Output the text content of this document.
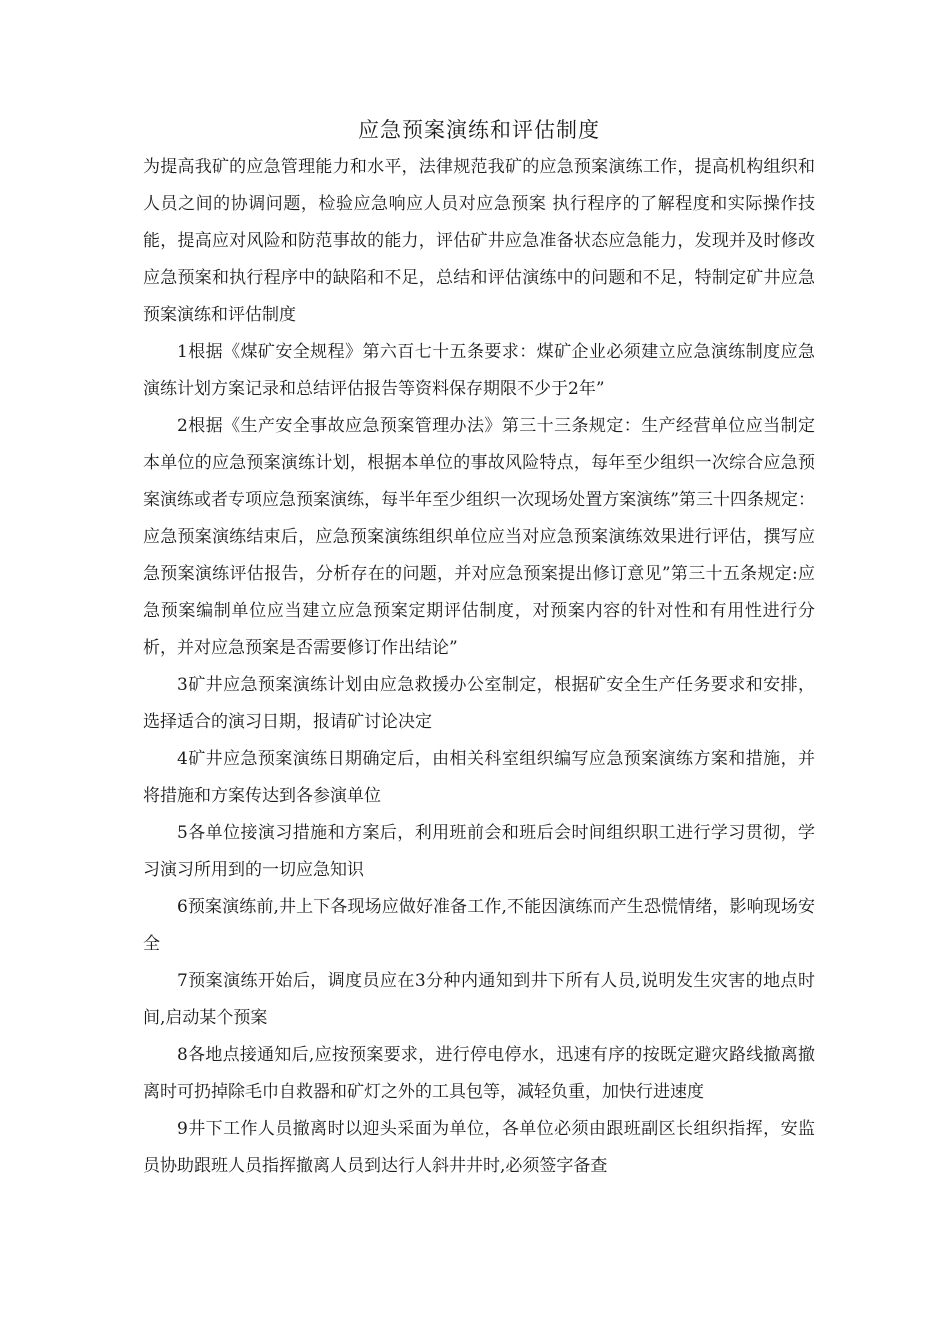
应急预案演练和评估制度

为提高我矿的应急管理能力和水平，法律规范我矿的应急预案演练工作，提高机构组织和人员之间的协调问题，检验应急响应人员对应急预案 执行程序的了解程度和实际操作技能，提高应对风险和防范事故的能力，评估矿井应急准备状态应急能力，发现并及时修改应急预案和执行程序中的缺陷和不足，总结和评估演练中的问题和不足，特制定矿井应急预案演练和评估制度

1根据《煤矿安全规程》第六百七十五条要求：煤矿企业必须建立应急演练制度应急演练计划方案记录和总结评估报告等资料保存期限不少于2年”

2根据《生产安全事故应急预案管理办法》第三十三条规定：生产经营单位应当制定本单位的应急预案演练计划，根据本单位的事故风险特点，每年至少组织一次综合应急预案演练或者专项应急预案演练，每半年至少组织一次现场处置方案演练”第三十四条规定：应急预案演练结束后，应急预案演练组织单位应当对应急预案演练效果进行评估，撰写应急预案演练评估报告，分析存在的问题，并对应急预案提出修订意见”第三十五条规定:应急预案编制单位应当建立应急预案定期评估制度，对预案内容的针对性和有用性进行分析，并对应急预案是否需要修订作出结论”

3矿井应急预案演练计划由应急救援办公室制定，根据矿安全生产任务要求和安排，选择适合的演习日期，报请矿讨论决定

4矿井应急预案演练日期确定后，由相关科室组织编写应急预案演练方案和措施，并将措施和方案传达到各参演单位

5各单位接演习措施和方案后，利用班前会和班后会时间组织职工进行学习贯彻，学习演习所用到的一切应急知识

6预案演练前,井上下各现场应做好准备工作,不能因演练而产生恐慌情绪，影响现场安全

7预案演练开始后，调度员应在3分种内通知到井下所有人员,说明发生灾害的地点时间,启动某个预案

8各地点接通知后,应按预案要求，进行停电停水，迅速有序的按既定避灾路线撤离撤离时可扔掉除毛巾自救器和矿灯之外的工具包等，减轻负重，加快行进速度

9井下工作人员撤离时以迎头采面为单位，各单位必须由跟班副区长组织指挥，安监员协助跟班人员指挥撤离人员到达行人斜井井时,必须签字备查
